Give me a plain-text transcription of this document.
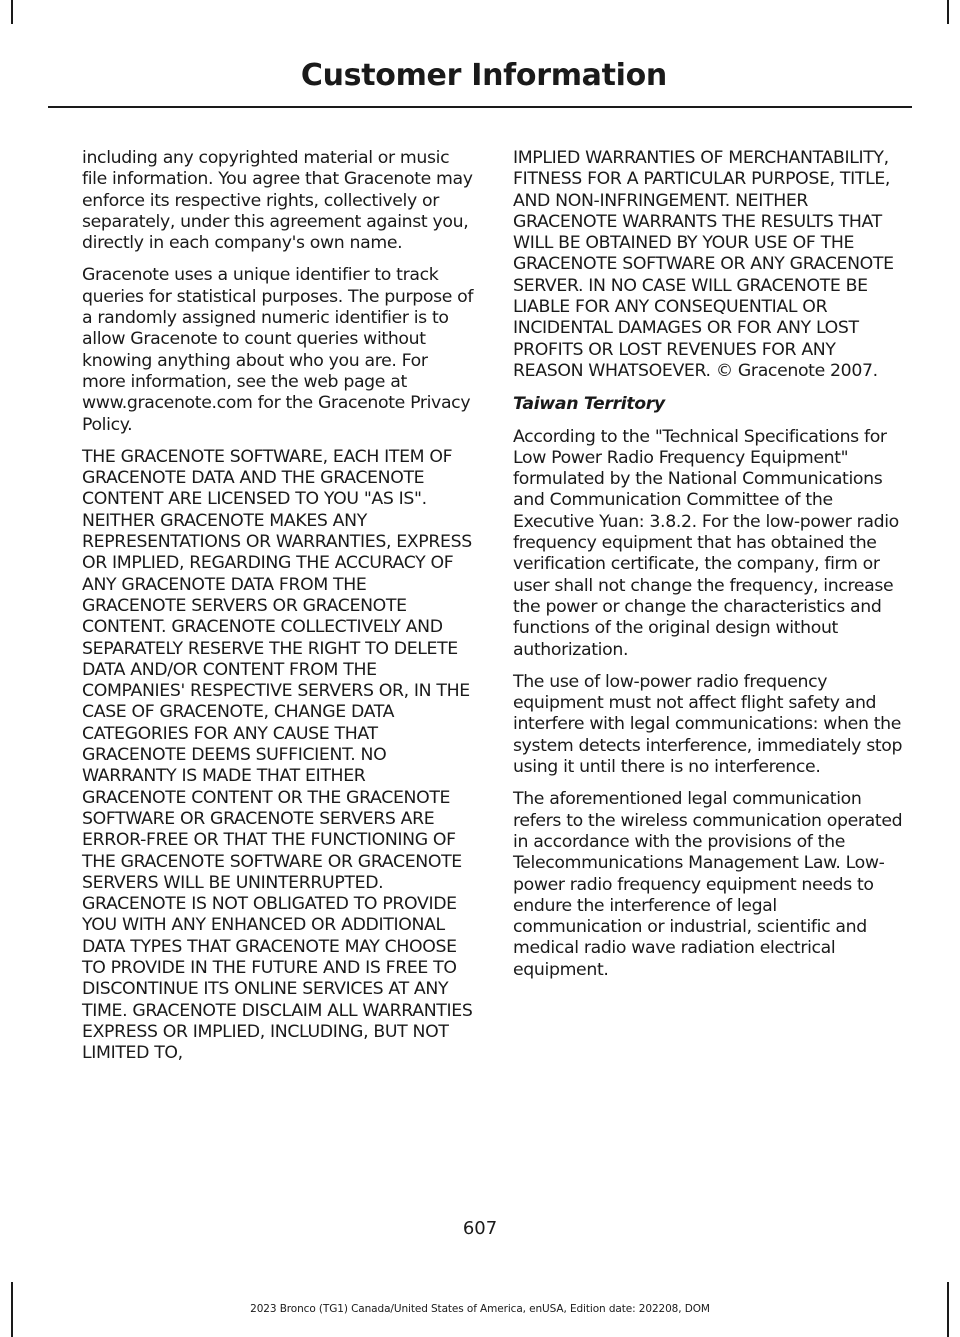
Customer Information

including any copyrighted material or music file information. You agree that Gracenote may enforce its respective rights, collectively or separately, under this agreement against you, directly in each company's own name.

Gracenote uses a unique identifier to track queries for statistical purposes. The purpose of a randomly assigned numeric identifier is to allow Gracenote to count queries without knowing anything about who you are. For more information, see the web page at www.gracenote.com for the Gracenote Privacy Policy.

THE GRACENOTE SOFTWARE, EACH ITEM OF GRACENOTE DATA AND THE GRACENOTE CONTENT ARE LICENSED TO YOU "AS IS". NEITHER GRACENOTE MAKES ANY REPRESENTATIONS OR WARRANTIES, EXPRESS OR IMPLIED, REGARDING THE ACCURACY OF ANY GRACENOTE DATA FROM THE GRACENOTE SERVERS OR GRACENOTE CONTENT. GRACENOTE COLLECTIVELY AND SEPARATELY RESERVE THE RIGHT TO DELETE DATA AND/OR CONTENT FROM THE COMPANIES' RESPECTIVE SERVERS OR, IN THE CASE OF GRACENOTE, CHANGE DATA CATEGORIES FOR ANY CAUSE THAT GRACENOTE DEEMS SUFFICIENT. NO WARRANTY IS MADE THAT EITHER GRACENOTE CONTENT OR THE GRACENOTE SOFTWARE OR GRACENOTE SERVERS ARE ERROR-FREE OR THAT THE FUNCTIONING OF THE GRACENOTE SOFTWARE OR GRACENOTE SERVERS WILL BE UNINTERRUPTED. GRACENOTE IS NOT OBLIGATED TO PROVIDE YOU WITH ANY ENHANCED OR ADDITIONAL DATA TYPES THAT GRACENOTE MAY CHOOSE TO PROVIDE IN THE FUTURE AND IS FREE TO DISCONTINUE ITS ONLINE SERVICES AT ANY TIME. GRACENOTE DISCLAIM ALL WARRANTIES EXPRESS OR IMPLIED, INCLUDING, BUT NOT LIMITED TO,

IMPLIED WARRANTIES OF MERCHANTABILITY, FITNESS FOR A PARTICULAR PURPOSE, TITLE, AND NON-INFRINGEMENT. NEITHER GRACENOTE WARRANTS THE RESULTS THAT WILL BE OBTAINED BY YOUR USE OF THE GRACENOTE SOFTWARE OR ANY GRACENOTE SERVER. IN NO CASE WILL GRACENOTE BE LIABLE FOR ANY CONSEQUENTIAL OR INCIDENTAL DAMAGES OR FOR ANY LOST PROFITS OR LOST REVENUES FOR ANY REASON WHATSOEVER. © Gracenote 2007.

Taiwan Territory

According to the "Technical Specifications for Low Power Radio Frequency Equipment" formulated by the National Communications and Communication Committee of the Executive Yuan: 3.8.2. For the low-power radio frequency equipment that has obtained the verification certificate, the company, firm or user shall not change the frequency, increase the power or change the characteristics and functions of the original design without authorization.

The use of low-power radio frequency equipment must not affect flight safety and interfere with legal communications: when the system detects interference, immediately stop using it until there is no interference.

The aforementioned legal communication refers to the wireless communication operated in accordance with the provisions of the Telecommunications Management Law. Low-power radio frequency equipment needs to endure the interference of legal communication or industrial, scientific and medical radio wave radiation electrical equipment.

607
2023 Bronco (TG1) Canada/United States of America, enUSA, Edition date: 202208, DOM
